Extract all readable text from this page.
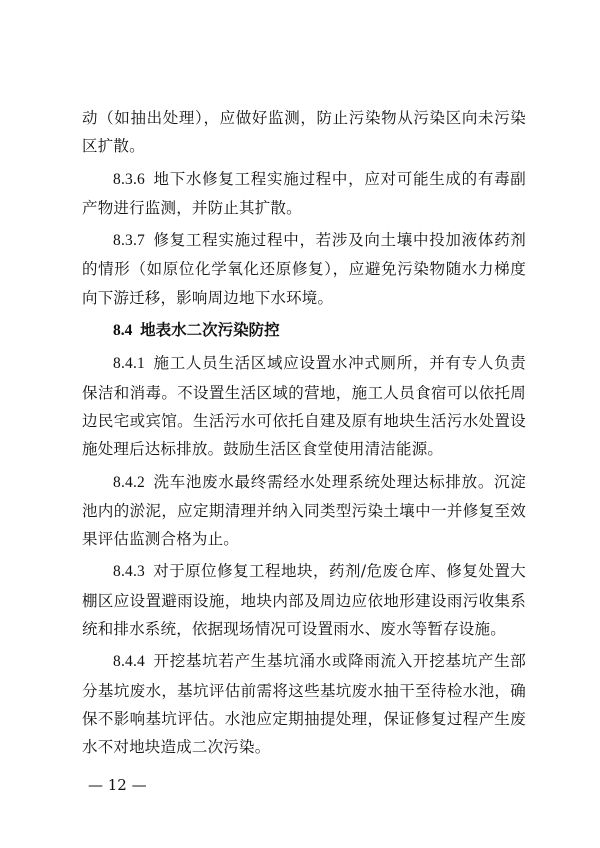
动（如抽出处理），应做好监测，防止污染物从污染区向未污染区扩散。

8.3.6  地下水修复工程实施过程中，应对可能生成的有毒副产物进行监测，并防止其扩散。

8.3.7  修复工程实施过程中，若涉及向土壤中投加液体药剂的情形（如原位化学氧化还原修复），应避免污染物随水力梯度向下游迁移，影响周边地下水环境。

8.4  地表水二次污染防控

8.4.1  施工人员生活区域应设置水冲式厕所，并有专人负责保洁和消毒。不设置生活区域的营地，施工人员食宿可以依托周边民宅或宾馆。生活污水可依托自建及原有地块生活污水处置设施处理后达标排放。鼓励生活区食堂使用清洁能源。

8.4.2  洗车池废水最终需经水处理系统处理达标排放。沉淀池内的淤泥，应定期清理并纳入同类型污染土壤中一并修复至效果评估监测合格为止。

8.4.3  对于原位修复工程地块，药剂/危废仓库、修复处置大棚区应设置避雨设施，地块内部及周边应依地形建设雨污收集系统和排水系统，依据现场情况可设置雨水、废水等暂存设施。

8.4.4  开挖基坑若产生基坑涌水或降雨流入开挖基坑产生部分基坑废水，基坑评估前需将这些基坑废水抽干至待检水池，确保不影响基坑评估。水池应定期抽提处理，保证修复过程产生废水不对地块造成二次污染。

— 12 —
